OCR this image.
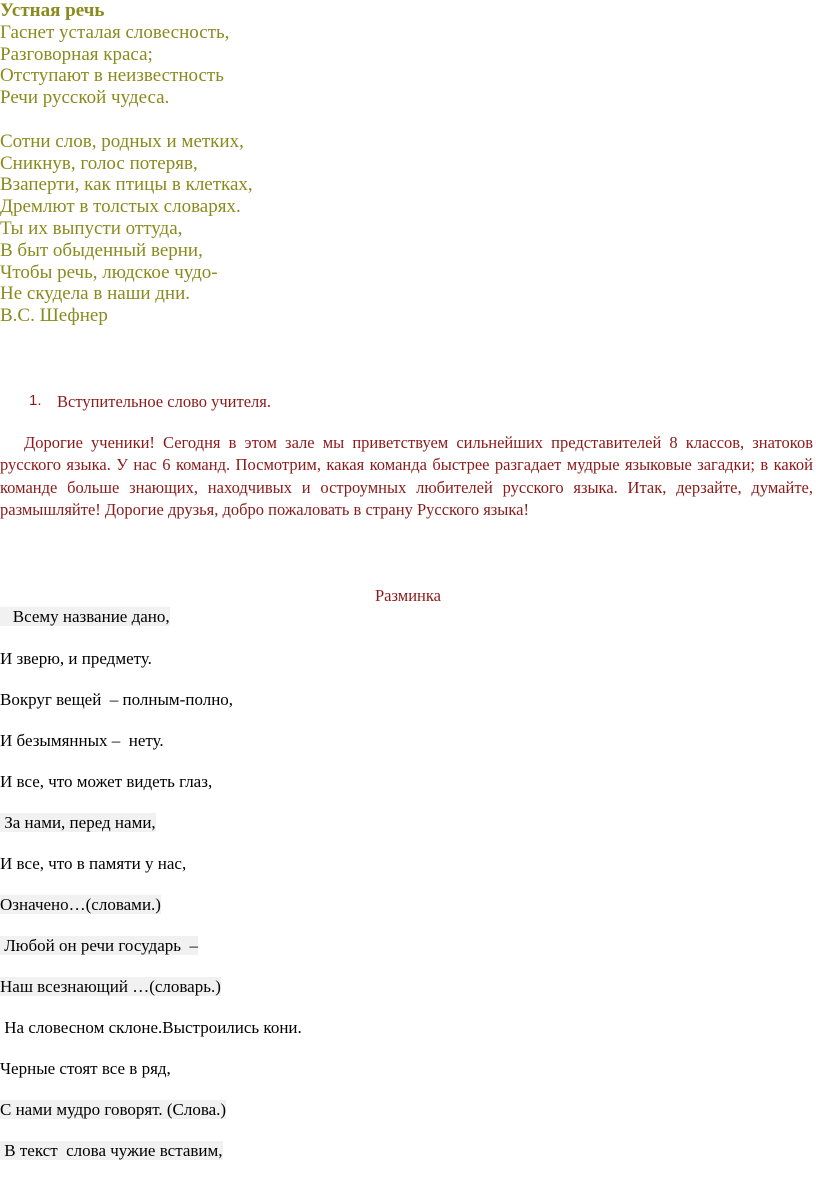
Устная речь
Гаснет усталая словесность,
Разговорная краса;
Отступают в неизвестность
Речи русской чудеса.
Сотни слов, родных и метких,
Сникнув, голос потеряв,
Взаперти, как птицы в клетках,
Дремлют в толстых словарях.
Ты их выпусти оттуда,
В быт обыденный верни,
Чтобы речь, людское чудо-
Не скудела в наши дни.
В.С. Шефнер
1. Вступительное слово учителя.
Дорогие ученики! Сегодня в этом зале мы приветствуем сильнейших представителей 8 классов, знатоков русского языка. У нас 6 команд. Посмотрим, какая команда быстрее разгадает мудрые языковые загадки; в какой команде больше знающих, находчивых и остроумных любителей русского языка. Итак, дерзайте, думайте, размышляйте! Дорогие друзья, добро пожаловать в страну Русского языка!
Разминка
Всему название дано,
И зверю, и предмету.
Вокруг вещей  – полным-полно,
И безымянных –  нету.
И все, что может видеть глаз,
За нами, перед нами,
И все, что в памяти у нас,
Означено…(словами.)
Любой он речи государь  –
Наш всезнающий …(словарь.)
На словесном склоне.Выстроились кони.
Черные стоят все в ряд,
С нами мудро говорят. (Слова.)
В текст  слова чужие вставим,
